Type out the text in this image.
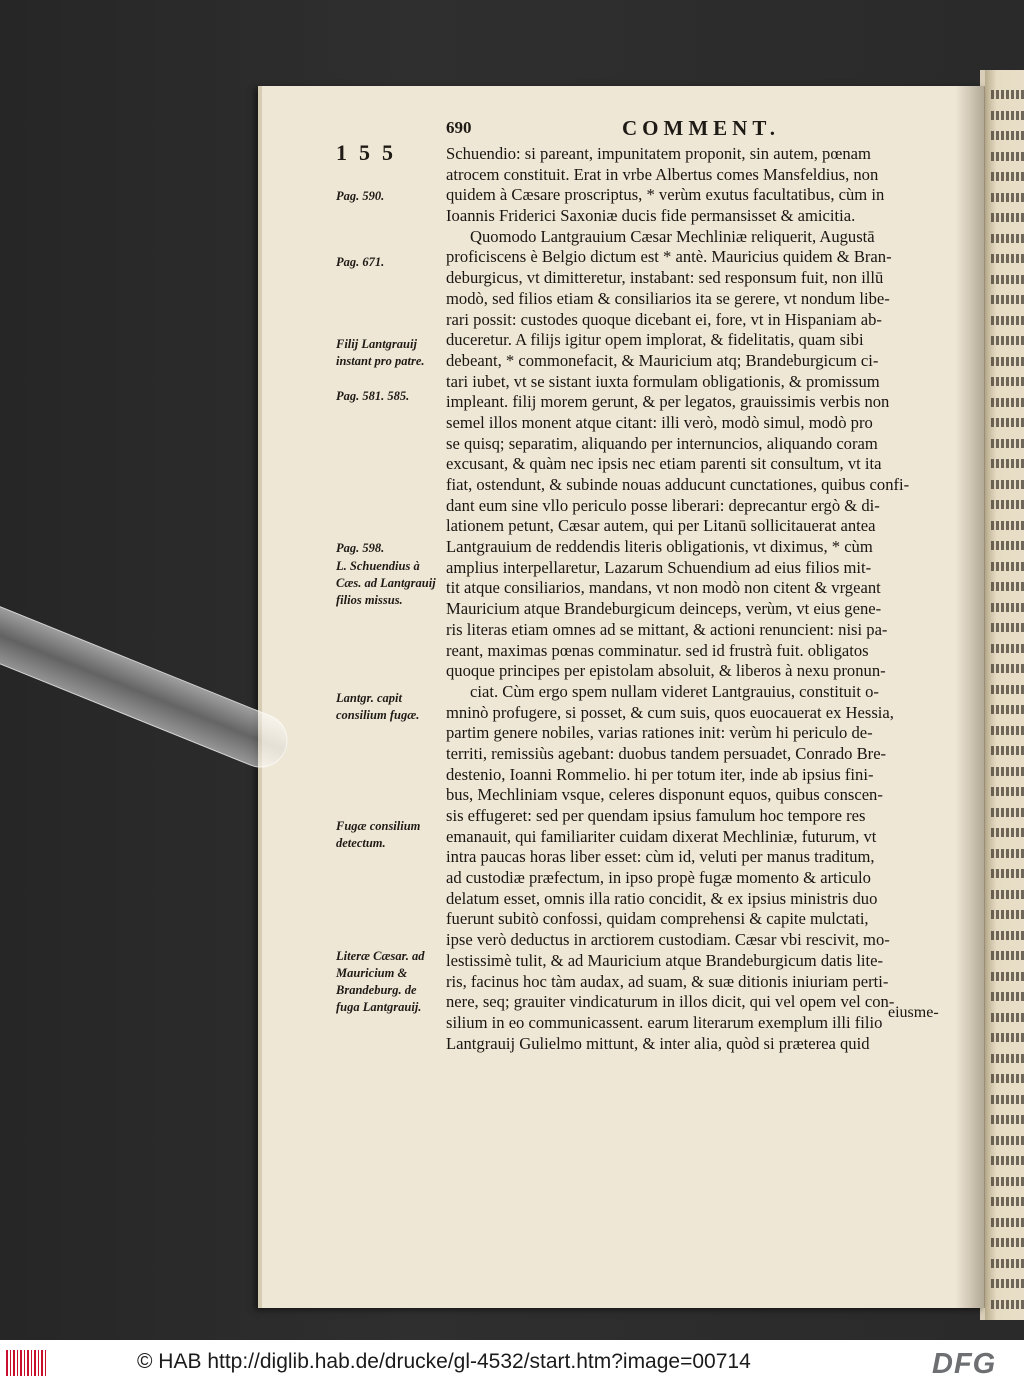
690	COMMENT.
155
Pag. 590.
Pag. 671.
Filij Lantgrauij instant pro patre.
Pag. 581. 585.
Pag. 598.
L. Schuendius à Cæs. ad Lantgrauij filios missus.
Lantgr. capit consilium fugæ.
Fugæ consilium detectum.
Literæ Cæsar. ad Mauricium & Brandeburg. de fuga Lantgrauij.
Schuendio: si pareant, impunitatem proponit, sin autem, pœnam
atrocem constituit. Erat in vrbe Albertus comes Mansfeldius, non
quidem à Cæsare proscriptus, * verùm exutus facultatibus, cùm in
Ioannis Friderici Saxoniæ ducis fide permansisset & amicitia.
Quomodo Lantgrauium Cæsar Mechliniæ reliquerit, Augustā
proficiscens è Belgio dictum est * antè. Mauricius quidem & Bran-
deburgicus, vt dimitteretur, instabant: sed responsum fuit, non illū
modò, sed filios etiam & consiliarios ita se gerere, vt nondum libe-
rari possit: custodes quoque dicebant ei, fore, vt in Hispaniam ab-
duceretur. A filijs igitur opem implorat, & fidelitatis, quam sibi
debeant, * commonefacit, & Mauricium atq; Brandeburgicum ci-
tari iubet, vt se sistant iuxta formulam obligationis, & promissum
impleant. filij morem gerunt, & per legatos, grauissimis verbis non
semel illos monent atque citant: illi verò, modò simul, modò pro
se quisq; separatim, aliquando per internuncios, aliquando coram
excusant, & quàm nec ipsis nec etiam parenti sit consultum, vt ita
fiat, ostendunt, & subinde nouas adducunt cunctationes, quibus confi-
dant eum sine vllo periculo posse liberari: deprecantur ergò & di-
lationem petunt, Cæsar autem, qui per Litanū sollicitauerat antea
Lantgrauium de reddendis literis obligationis, vt diximus, * cùm
amplius interpellaretur, Lazarum Schuendium ad eius filios mit-
tit atque consiliarios, mandans, vt non modò non citent & vrgeant
Mauricium atque Brandeburgicum deinceps, verùm, vt eius gene-
ris literas etiam omnes ad se mittant, & actioni renuncient: nisi pa-
reant, maximas pœnas comminatur. sed id frustrà fuit. obligatos
quoque principes per epistolam absoluit, & liberos à nexu pronun-
ciat. Cùm ergo spem nullam videret Lantgrauius, constituit o-
mninò profugere, si posset, & cum suis, quos euocauerat ex Hessia,
partim genere nobiles, varias rationes init: verùm hi periculo de-
territi, remissiùs agebant: duobus tandem persuadet, Conrado Bre-
destenio, Ioanni Rommelio. hi per totum iter, inde ab ipsius fini-
bus, Mechliniam vsque, celeres disponunt equos, quibus conscen-
sis effugeret: sed per quendam ipsius famulum hoc tempore res
emanauit, qui familiariter cuidam dixerat Mechliniæ, futurum, vt
intra paucas horas liber esset: cùm id, veluti per manus traditum,
ad custodiæ præfectum, in ipso propè fugæ momento & articulo
delatum esset, omnis illa ratio concidit, & ex ipsius ministris duo
fuerunt subitò confossi, quidam comprehensi & capite mulctati,
ipse verò deductus in arctiorem custodiam. Cæsar vbi rescivit, mo-
lestissimè tulit, & ad Mauricium atque Brandeburgicum datis lite-
ris, facinus hoc tàm audax, ad suam, & suæ ditionis iniuriam perti-
nere, seq; grauiter vindicaturum in illos dicit, qui vel opem vel con-
silium in eo communicassent. earum literarum exemplum illi filio
Lantgrauij Gulielmo mittunt, & inter alia, quòd si præterea quid
eiusme-
© HAB http://diglib.hab.de/drucke/gl-4532/start.htm?image=00714	DFG
